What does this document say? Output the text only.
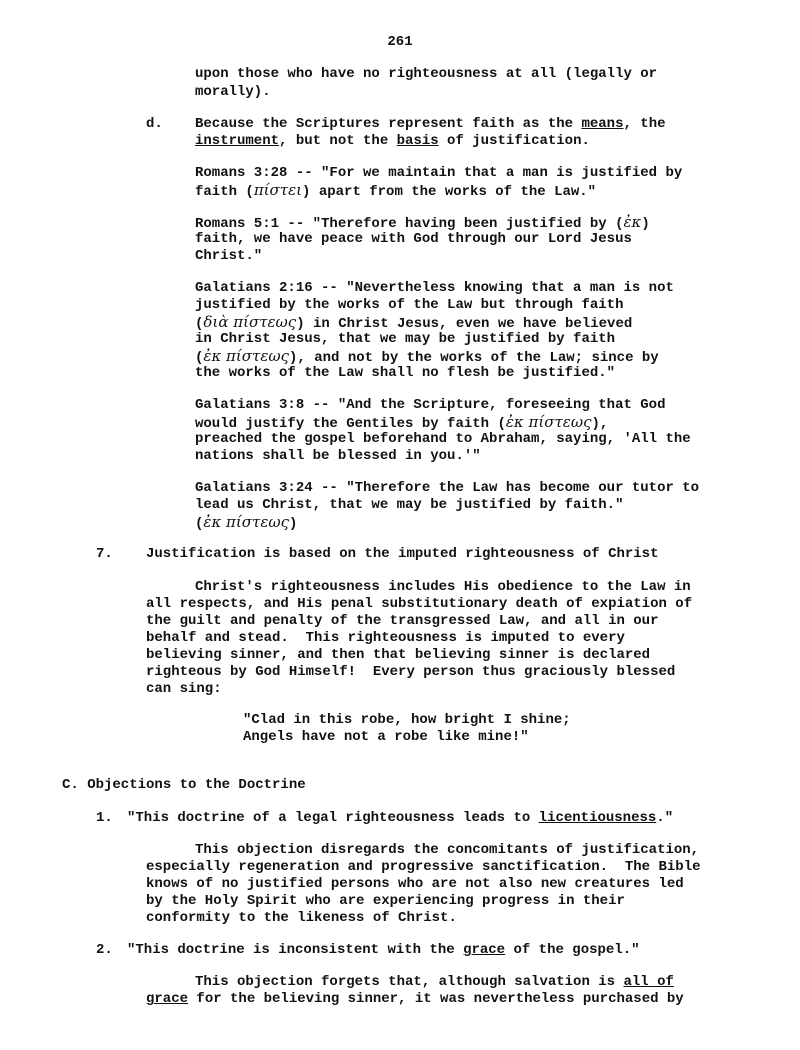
261
upon those who have no righteousness at all (legally or
morally).
d. Because the Scriptures represent faith as the means, the
instrument, but not the basis of justification.
Romans 3:28 -- "For we maintain that a man is justified by
faith (πίστει) apart from the works of the Law."
Romans 5:1 -- "Therefore having been justified by (ἐκ)
faith, we have peace with God through our Lord Jesus
Christ."
Galatians 2:16 -- "Nevertheless knowing that a man is not
justified by the works of the Law but through faith
(διὰ πίστεως) in Christ Jesus, even we have believed
in Christ Jesus, that we may be justified by faith
(ἐκ πίστεως), and not by the works of the Law; since by
the works of the Law shall no flesh be justified."
Galatians 3:8 -- "And the Scripture, foreseeing that God
would justify the Gentiles by faith (ἐκ πίστεως),
preached the gospel beforehand to Abraham, saying, 'All the
nations shall be blessed in you.'"
Galatians 3:24 -- "Therefore the Law has become our tutor to
lead us Christ, that we may be justified by faith."
(ἐκ πίστεως)
7. Justification is based on the imputed righteousness of Christ
Christ's righteousness includes His obedience to the Law in
all respects, and His penal substitutionary death of expiation of
the guilt and penalty of the transgressed Law, and all in our
behalf and stead.  This righteousness is imputed to every
believing sinner, and then that believing sinner is declared
righteous by God Himself!  Every person thus graciously blessed
can sing:
"Clad in this robe, how bright I shine;
Angels have not a robe like mine!"
C. Objections to the Doctrine
1. "This doctrine of a legal righteousness leads to licentiousness."
This objection disregards the concomitants of justification,
especially regeneration and progressive sanctification.  The Bible
knows of no justified persons who are not also new creatures led
by the Holy Spirit who are experiencing progress in their
conformity to the likeness of Christ.
2. "This doctrine is inconsistent with the grace of the gospel."
This objection forgets that, although salvation is all of
grace for the believing sinner, it was nevertheless purchased by
